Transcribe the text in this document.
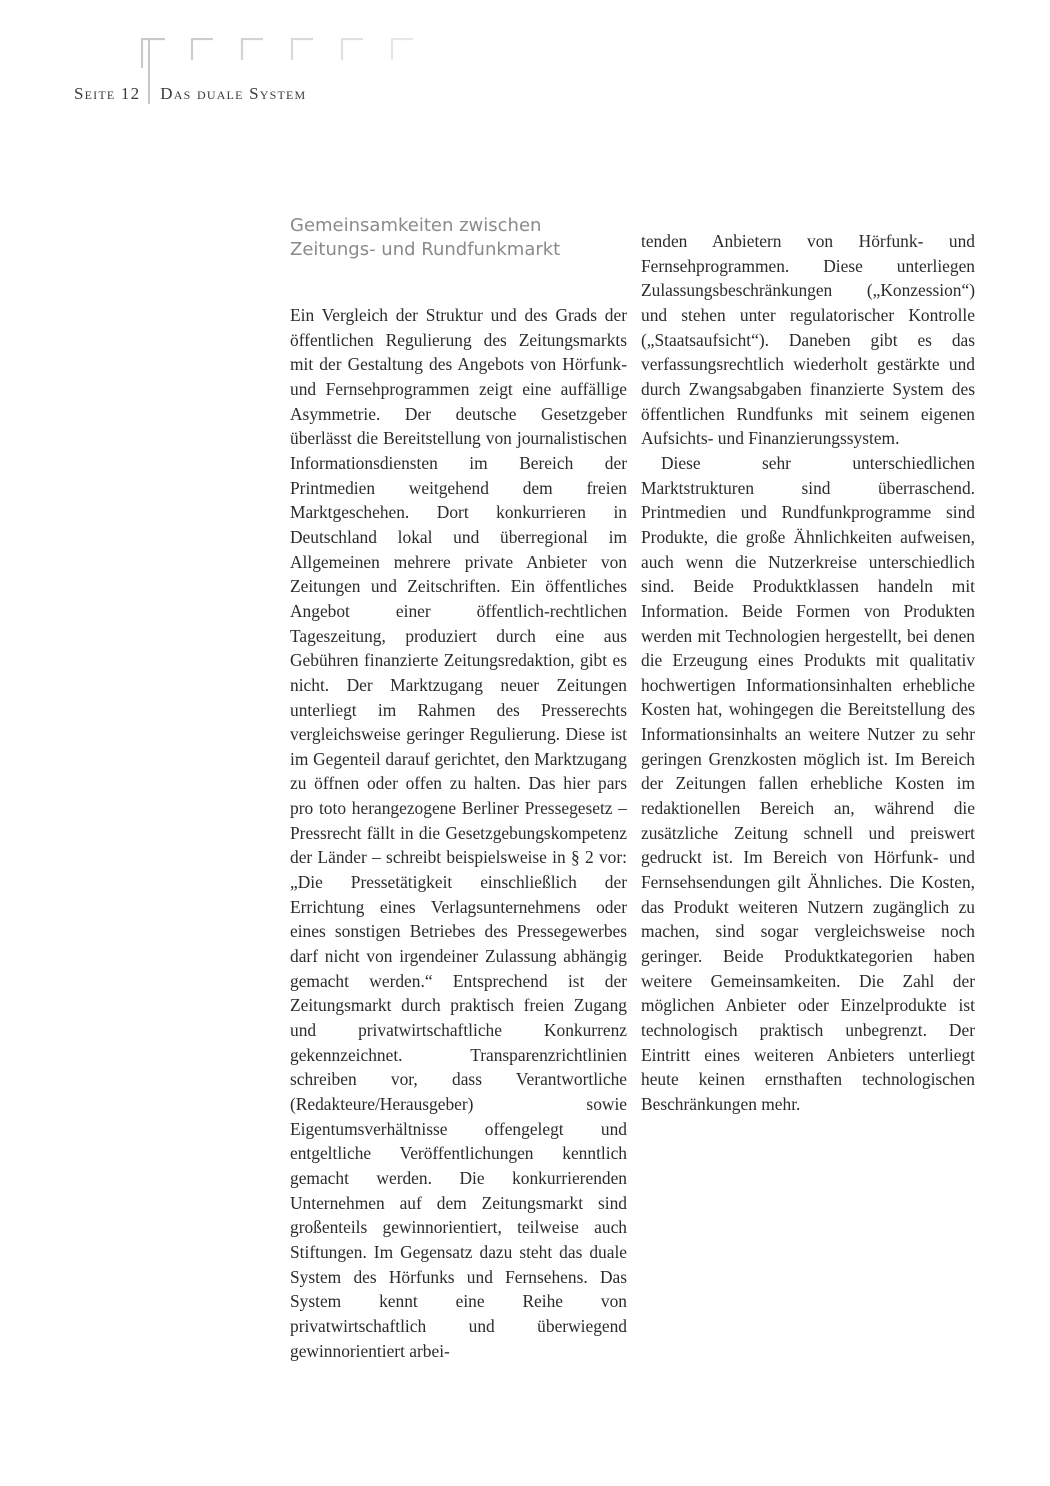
Seite 12	Das duale System
Gemeinsamkeiten zwischen
Zeitungs- und Rundfunkmarkt

Ein Vergleich der Struktur und des Grads der öffentlichen Regulierung des Zeitungsmarkts mit der Gestaltung des Angebots von Hörfunk- und Fernsehprogrammen zeigt eine auffällige Asymmetrie. Der deutsche Gesetzgeber überlässt die Bereitstellung von journalistischen Informationsdiensten im Bereich der Printmedien weitgehend dem freien Marktgeschehen. Dort konkurrieren in Deutschland lokal und überregional im Allgemeinen mehrere private Anbieter von Zeitungen und Zeitschriften. Ein öffentliches Angebot einer öffentlich-rechtlichen Tageszeitung, produziert durch eine aus Gebühren finanzierte Zeitungsredaktion, gibt es nicht. Der Marktzugang neuer Zeitungen unterliegt im Rahmen des Presserechts vergleichsweise geringer Regulierung. Diese ist im Gegenteil darauf gerichtet, den Marktzugang zu öffnen oder offen zu halten. Das hier pars pro toto herangezogene Berliner Pressegesetz – Pressrecht fällt in die Gesetzgebungskompetenz der Länder – schreibt beispielsweise in § 2 vor: „Die Pressetätigkeit einschließlich der Errichtung eines Verlagsunternehmens oder eines sonstigen Betriebes des Pressegewerbes darf nicht von irgendeiner Zulassung abhängig gemacht werden.“ Entsprechend ist der Zeitungsmarkt durch praktisch freien Zugang und privatwirtschaftliche Konkurrenz gekennzeichnet. Transparenzrichtlinien schreiben vor, dass Verantwortliche (Redakteure/Herausgeber) sowie Eigentumsverhältnisse offengelegt und entgeltliche Veröffentlichungen kenntlich gemacht werden. Die konkurrierenden Unternehmen auf dem Zeitungsmarkt sind großenteils gewinnorientiert, teilweise auch Stiftungen. Im Gegensatz dazu steht das duale System des Hörfunks und Fernsehens. Das System kennt eine Reihe von privatwirtschaftlich und überwiegend gewinnorientiert arbei-

tenden Anbietern von Hörfunk- und Fernsehprogrammen. Diese unterliegen Zulassungsbeschränkungen („Konzession“) und stehen unter regulatorischer Kontrolle („Staatsaufsicht“). Daneben gibt es das verfassungsrechtlich wiederholt gestärkte und durch Zwangsabgaben finanzierte System des öffentlichen Rundfunks mit seinem eigenen Aufsichts- und Finanzierungssystem.

Diese sehr unterschiedlichen Marktstrukturen sind überraschend. Printmedien und Rundfunkprogramme sind Produkte, die große Ähnlichkeiten aufweisen, auch wenn die Nutzerkreise unterschiedlich sind. Beide Produktklassen handeln mit Information. Beide Formen von Produkten werden mit Technologien hergestellt, bei denen die Erzeugung eines Produkts mit qualitativ hochwertigen Informationsinhalten erhebliche Kosten hat, wohingegen die Bereitstellung des Informationsinhalts an weitere Nutzer zu sehr geringen Grenzkosten möglich ist. Im Bereich der Zeitungen fallen erhebliche Kosten im redaktionellen Bereich an, während die zusätzliche Zeitung schnell und preiswert gedruckt ist. Im Bereich von Hörfunk- und Fernsehsendungen gilt Ähnliches. Die Kosten, das Produkt weiteren Nutzern zugänglich zu machen, sind sogar vergleichsweise noch geringer. Beide Produktkategorien haben weitere Gemeinsamkeiten. Die Zahl der möglichen Anbieter oder Einzelprodukte ist technologisch praktisch unbegrenzt. Der Eintritt eines weiteren Anbieters unterliegt heute keinen ernsthaften technologischen Beschränkungen mehr.
